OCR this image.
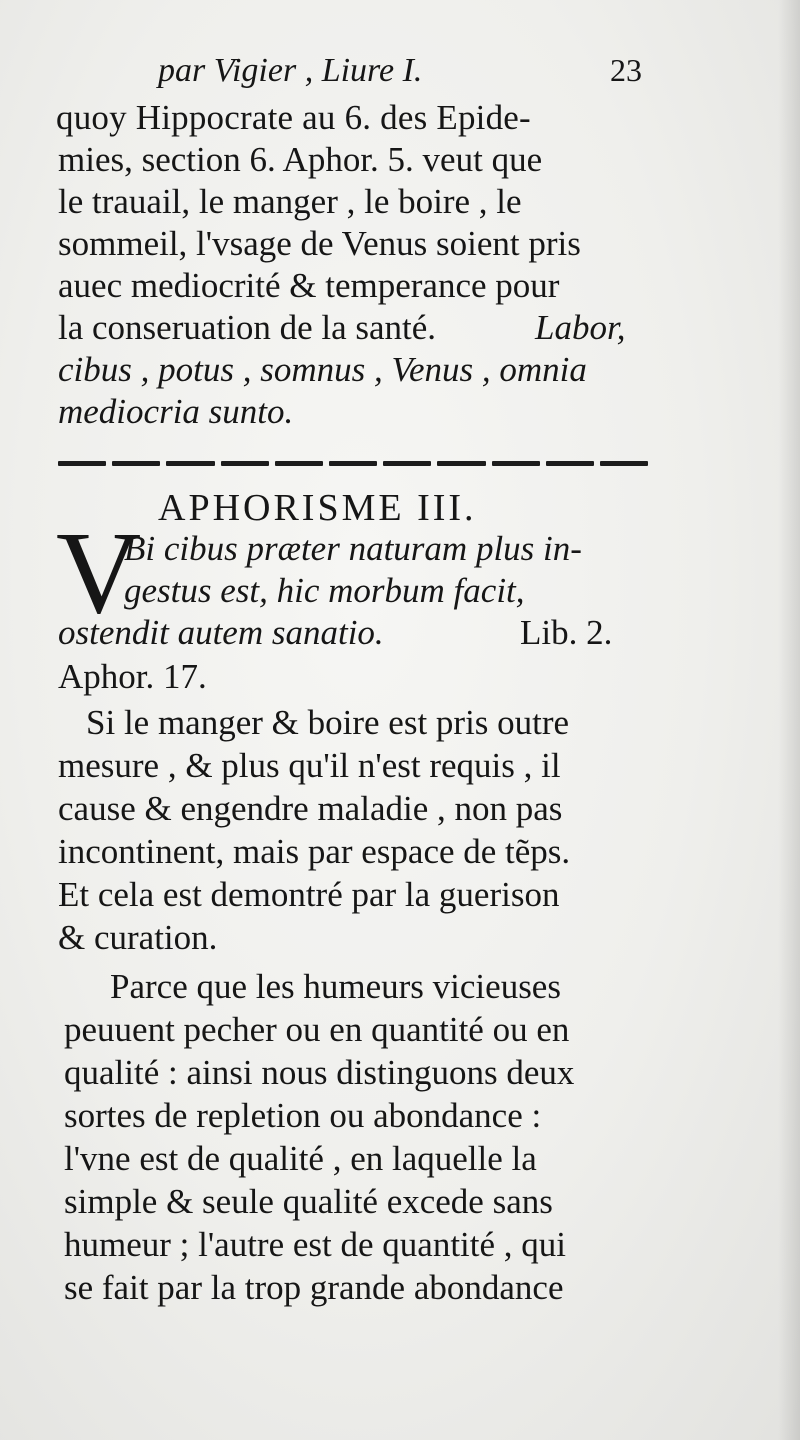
par Vigier , Liure I.	23
quoy Hippocrate au 6. des Epide-
mies, section 6. Aphor. 5. veut que
le trauail, le manger , le boire , le
sommeil, l'vsage de Venus soient pris
auec mediocrité & temperance pour
la conseruation de la santé.	Labor,
cibus , potus , somnus , Venus , omnia
mediocria sunto.
APHORISME III.
V
Bi cibus præter naturam plus in-
gestus est, hic morbum facit,
ostendit autem sanatio.	Lib. 2.
Aphor. 17.
Si le manger & boire est pris outre
mesure , & plus qu'il n'est requis , il
cause & engendre maladie , non pas
incontinent, mais par espace de tẽps.
Et cela est demontré par la guerison
& curation.
Parce que les humeurs vicieuses
peuuent pecher ou en quantité ou en
qualité : ainsi nous distinguons deux
sortes de repletion ou abondance :
l'vne est de qualité , en laquelle la
simple & seule qualité excede sans
humeur ; l'autre est de quantité , qui
se fait par la trop grande abondance
